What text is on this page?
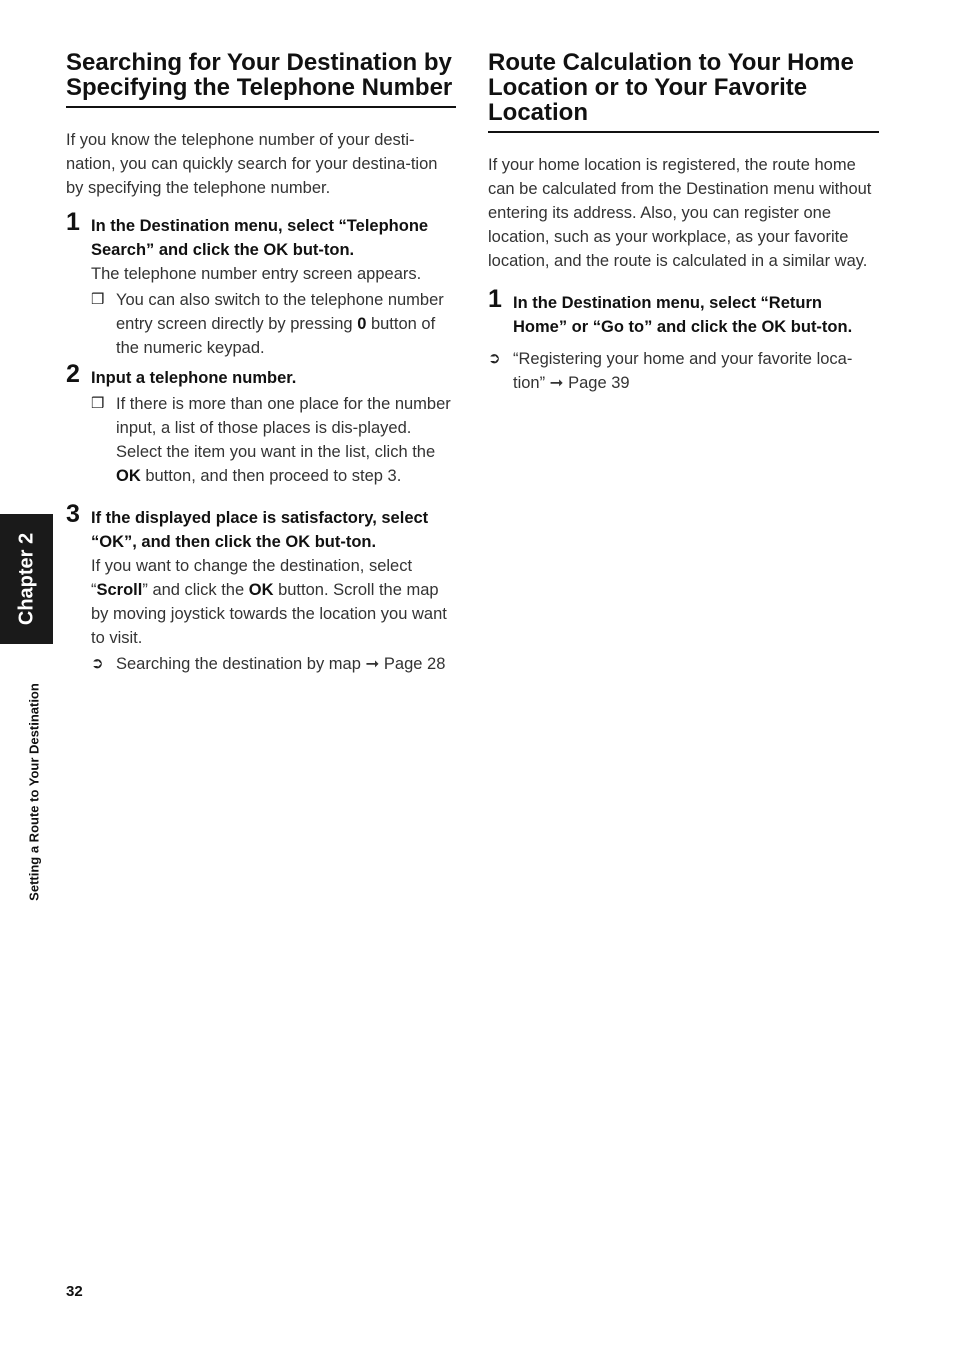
Searching for Your Destination by Specifying the Telephone Number

If you know the telephone number of your desti-nation, you can quickly search for your destina-tion by specifying the telephone number.

1 In the Destination menu, select “Telephone Search” and click the OK but-ton.
The telephone number entry screen appears.
❒ You can also switch to the telephone number entry screen directly by pressing 0 button of the numeric keypad.
2 Input a telephone number.
❒ If there is more than one place for the number input, a list of those places is dis-played. Select the item you want in the list, clich the OK button, and then proceed to step 3.
3 If the displayed place is satisfactory, select “OK”, and then click the OK but-ton.
If you want to change the destination, select “Scroll” and click the OK button. Scroll the map by moving joystick towards the location you want to visit.
➲ Searching the destination by map ➞ Page 28
Route Calculation to Your Home Location or to Your Favorite Location

If your home location is registered, the route home can be calculated from the Destination menu without entering its address. Also, you can register one location, such as your workplace, as your favorite location, and the route is calculated in a similar way.

1 In the Destination menu, select “Return Home” or “Go to” and click the OK but-ton.
➲ “Registering your home and your favorite loca-tion” ➞ Page 39
Chapter 2
Setting a Route to Your Destination
32
